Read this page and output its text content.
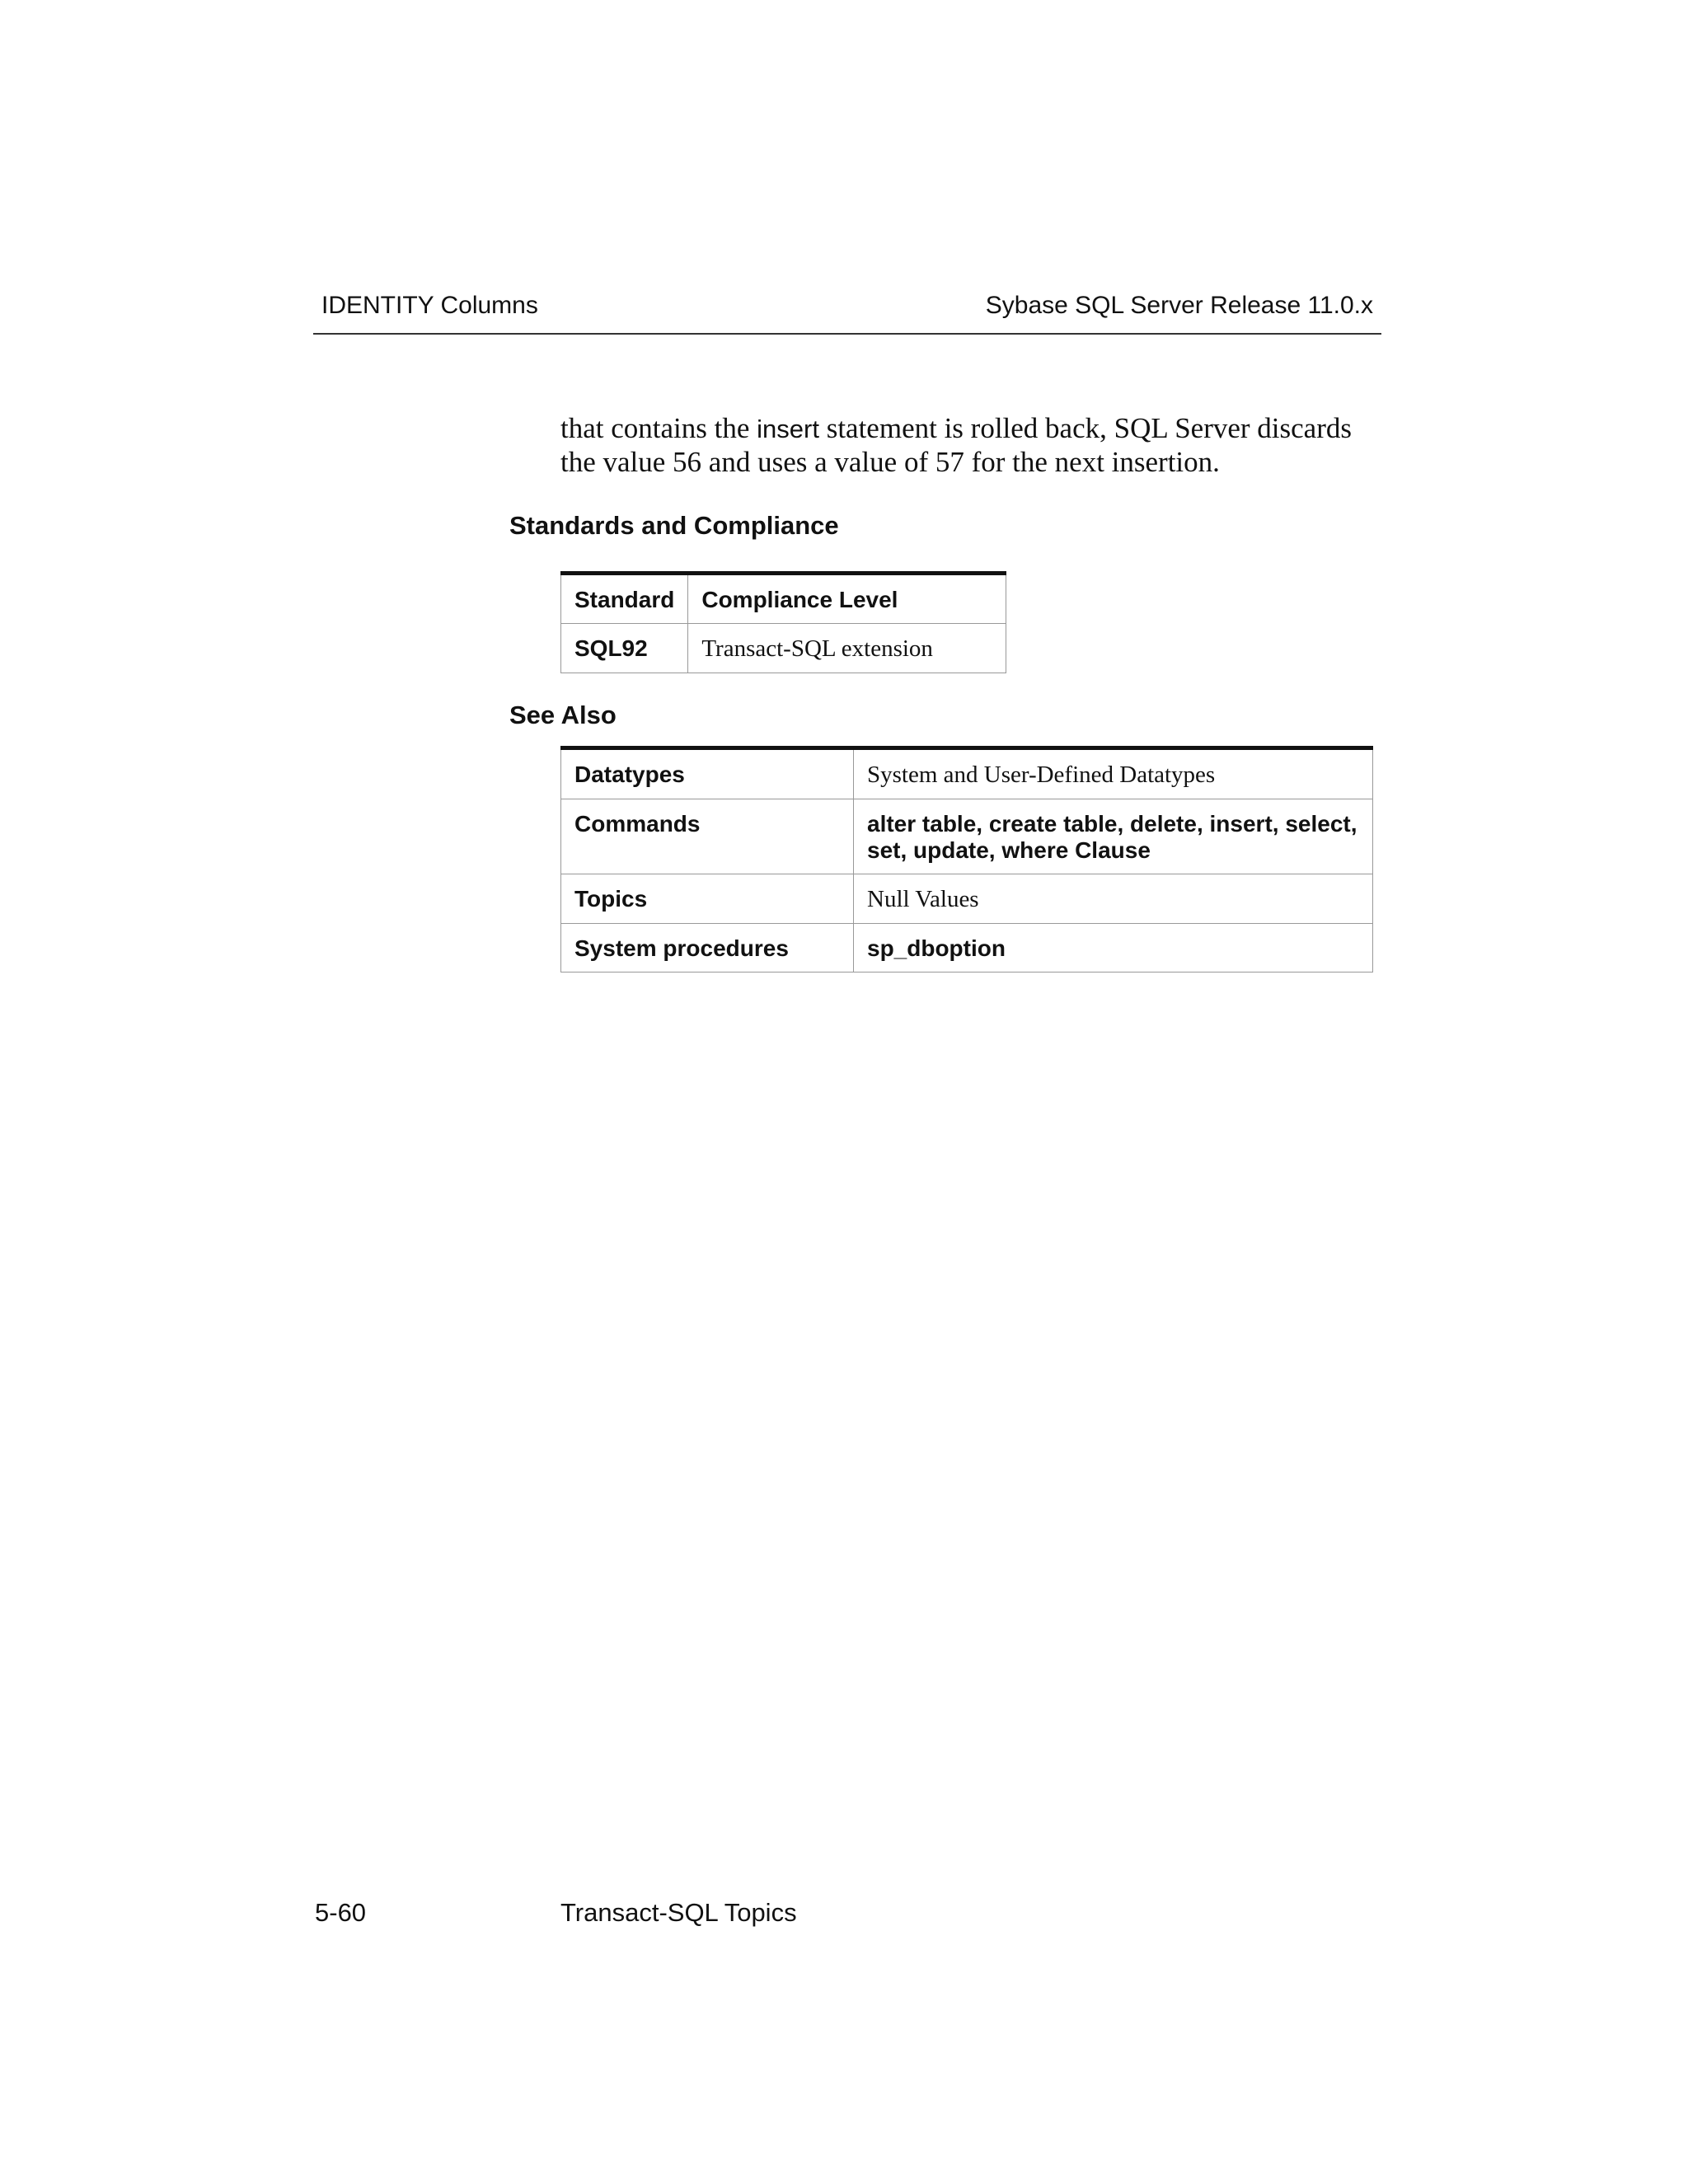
IDENTITY Columns	Sybase SQL Server Release 11.0.x
that contains the insert statement is rolled back, SQL Server discards
the value 56 and uses a value of 57 for the next insertion.
Standards and Compliance
Standard	Compliance Level
SQL92	Transact-SQL extension
See Also
Datatypes	System and User-Defined Datatypes
Commands	alter table, create table, delete, insert, select, set, update, where Clause
Topics	Null Values
System procedures	sp_dboption
5-60	Transact-SQL Topics
